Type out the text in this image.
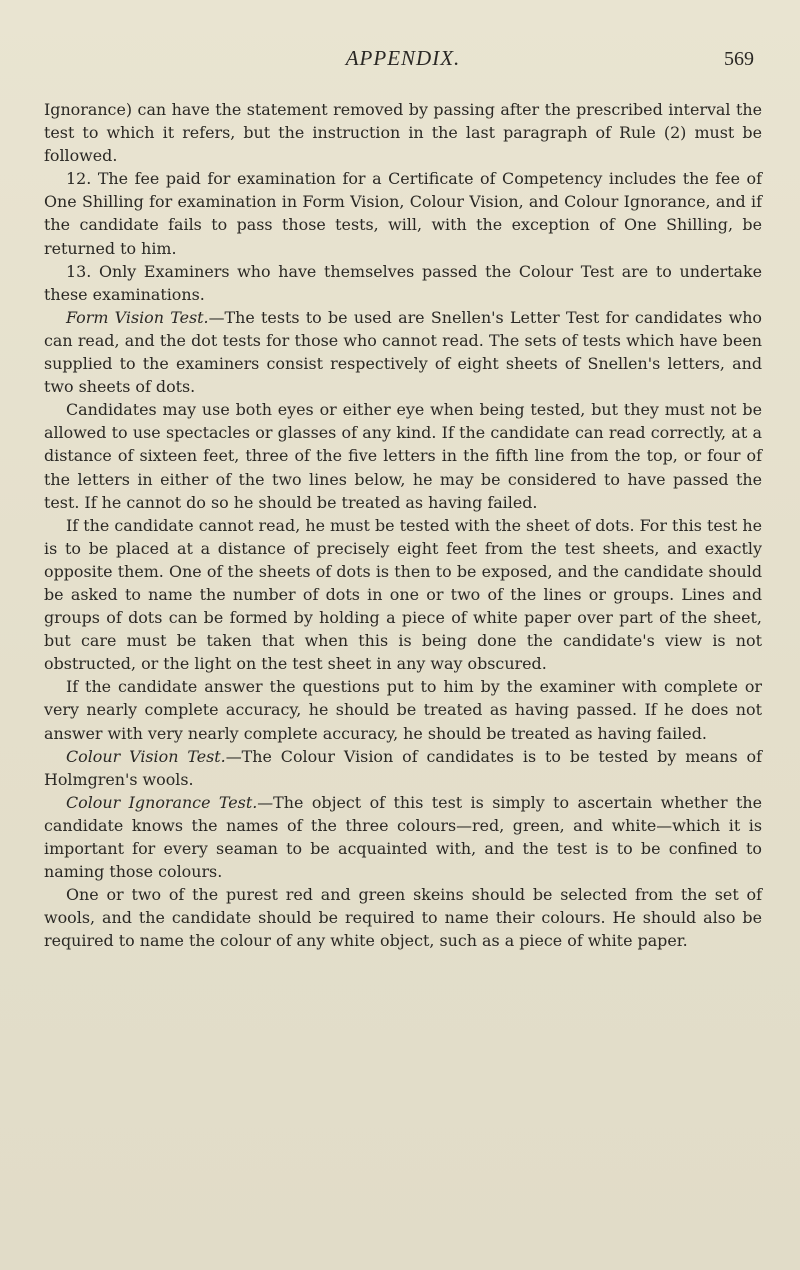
APPENDIX.	569

Ignorance) can have the statement removed by passing after the prescribed interval the test to which it refers, but the instruction in the last paragraph of Rule (2) must be followed.

12. The fee paid for examination for a Certificate of Competency includes the fee of One Shilling for examination in Form Vision, Colour Vision, and Colour Ignorance, and if the candidate fails to pass those tests, will, with the exception of One Shilling, be returned to him.

13. Only Examiners who have themselves passed the Colour Test are to undertake these examinations.

Form Vision Test.—The tests to be used are Snellen's Letter Test for candidates who can read, and the dot tests for those who cannot read. The sets of tests which have been supplied to the examiners consist respectively of eight sheets of Snellen's letters, and two sheets of dots.

Candidates may use both eyes or either eye when being tested, but they must not be allowed to use spectacles or glasses of any kind. If the candidate can read correctly, at a distance of sixteen feet, three of the five letters in the fifth line from the top, or four of the letters in either of the two lines below, he may be considered to have passed the test. If he cannot do so he should be treated as having failed.

If the candidate cannot read, he must be tested with the sheet of dots. For this test he is to be placed at a distance of precisely eight feet from the test sheets, and exactly opposite them. One of the sheets of dots is then to be exposed, and the candidate should be asked to name the number of dots in one or two of the lines or groups. Lines and groups of dots can be formed by holding a piece of white paper over part of the sheet, but care must be taken that when this is being done the candidate's view is not obstructed, or the light on the test sheet in any way obscured.

If the candidate answer the questions put to him by the examiner with complete or very nearly complete accuracy, he should be treated as having passed. If he does not answer with very nearly complete accuracy, he should be treated as having failed.

Colour Vision Test.—The Colour Vision of candidates is to be tested by means of Holmgren's wools.

Colour Ignorance Test.—The object of this test is simply to ascertain whether the candidate knows the names of the three colours—red, green, and white—which it is important for every seaman to be acquainted with, and the test is to be confined to naming those colours.

One or two of the purest red and green skeins should be selected from the set of wools, and the candidate should be required to name their colours. He should also be required to name the colour of any white object, such as a piece of white paper.
